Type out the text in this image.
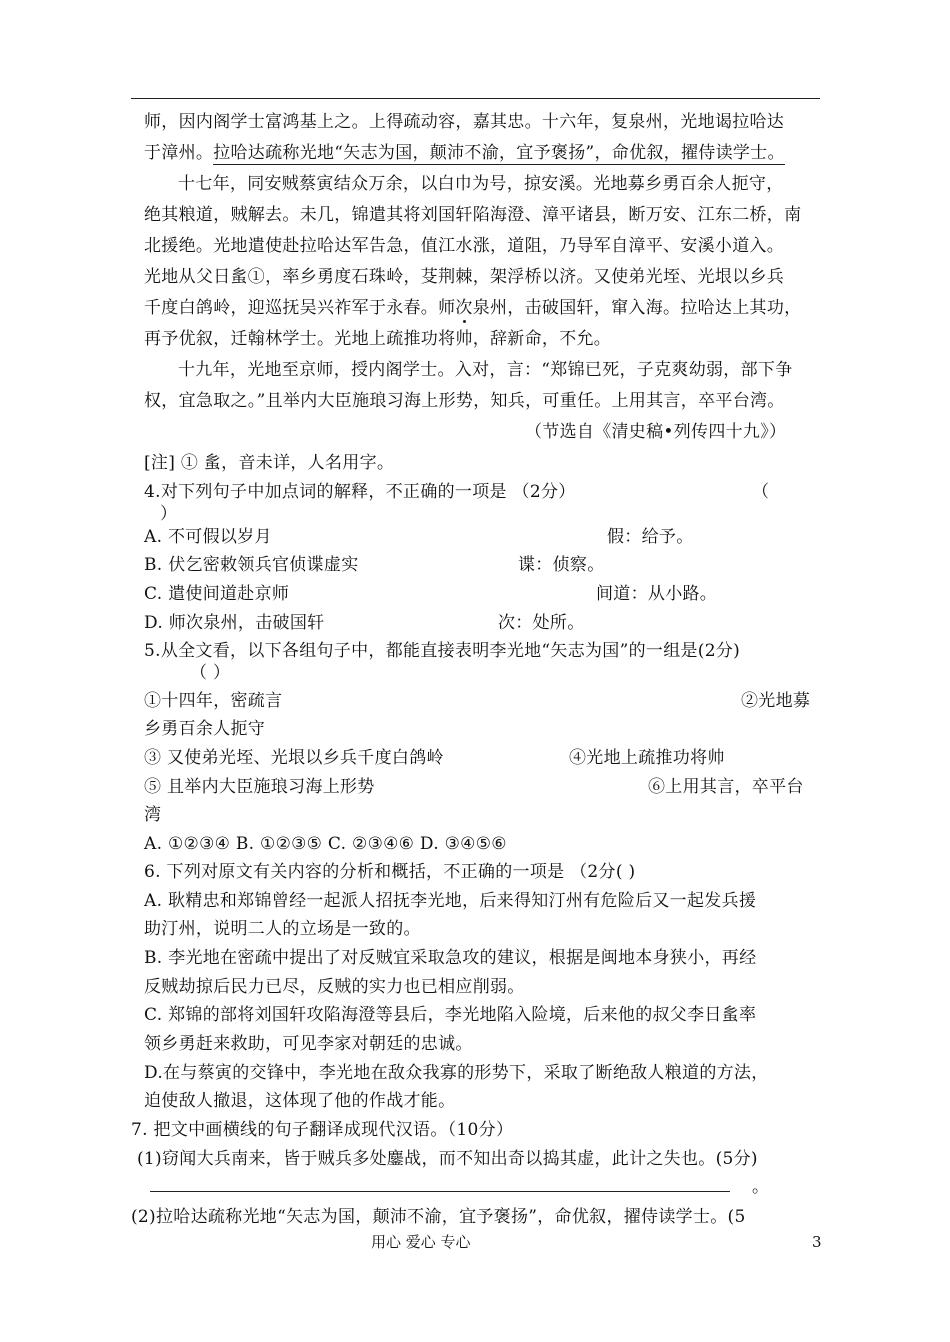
师，因内阁学士富鸿基上之。上得疏动容，嘉其忠。十六年，复泉州，光地谒拉哈达
于漳州。拉哈达疏称光地“矢志为国，颠沛不渝，宜予褒扬”，命优叙，擢侍读学士。
十七年，同安贼蔡寅结众万余，以白巾为号，掠安溪。光地募乡勇百余人扼守，
绝其粮道，贼解去。未几，锦遣其将刘国轩陷海澄、漳平诸县，断万安、江东二桥，南
北援绝。光地遣使赴拉哈达军告急，值江水涨，道阻，乃导军自漳平、安溪小道入。
光地从父日蚃①，率乡勇度石珠岭，芟荆棘，架浮桥以济。又使弟光垤、光垠以乡兵
千度白鸽岭，迎巡抚吴兴祚军于永春。师次泉州，击破国轩，窜入海。拉哈达上其功，
再予优叙，迁翰林学士。光地上疏推功将帅，辞新命，不允。
十九年，光地至京师，授内阁学士。入对，言：“郑锦已死，子克爽幼弱，部下争
权，宜急取之。”且举内大臣施琅习海上形势，知兵，可重任。上用其言，卒平台湾。
（节选自《清史稿•列传四十九》）
[注] ① 蚃，音未详，人名用字。
4.对下列句子中加点词的解释，不正确的一项是 （2分）	（
）
A. 不可假以岁月	假：给予。
B. 伏乞密敕领兵官侦谍虚实	谍：侦察。
C. 遣使间道赴京师	间道：从小路。
D. 师次泉州，击破国轩	次：处所。
5.从全文看，以下各组句子中，都能直接表明李光地“矢志为国”的一组是(2分)
（ ）
①十四年，密疏言	②光地募
乡勇百余人扼守
③ 又使弟光垤、光垠以乡兵千度白鸽岭	④光地上疏推功将帅
⑤ 且举内大臣施琅习海上形势	⑥上用其言，卒平台
湾
A. ①②③④ B. ①②③⑤ C. ②③④⑥ D. ③④⑤⑥
6. 下列对原文有关内容的分析和概括，不正确的一项是 （2分( )
A. 耿精忠和郑锦曾经一起派人招抚李光地，后来得知汀州有危险后又一起发兵援
助汀州，说明二人的立场是一致的。
B. 李光地在密疏中提出了对反贼宜采取急攻的建议，根据是闽地本身狭小，再经
反贼劫掠后民力已尽，反贼的实力也已相应削弱。
C. 郑锦的部将刘国轩攻陷海澄等县后，李光地陷入险境，后来他的叔父李日蚃率
领乡勇赶来救助，可见李家对朝廷的忠诚。
D.在与蔡寅的交锋中，李光地在敌众我寡的形势下，采取了断绝敌人粮道的方法，
迫使敌人撤退，这体现了他的作战才能。
7. 把文中画横线的句子翻译成现代汉语。（10分）
(1)窃闻大兵南来，皆于贼兵多处鏖战，而不知出奇以捣其虚，此计之失也。(5分)
。
(2)拉哈达疏称光地“矢志为国，颠沛不渝，宜予褒扬”，命优叙，擢侍读学士。(5
用心 爱心 专心	3
